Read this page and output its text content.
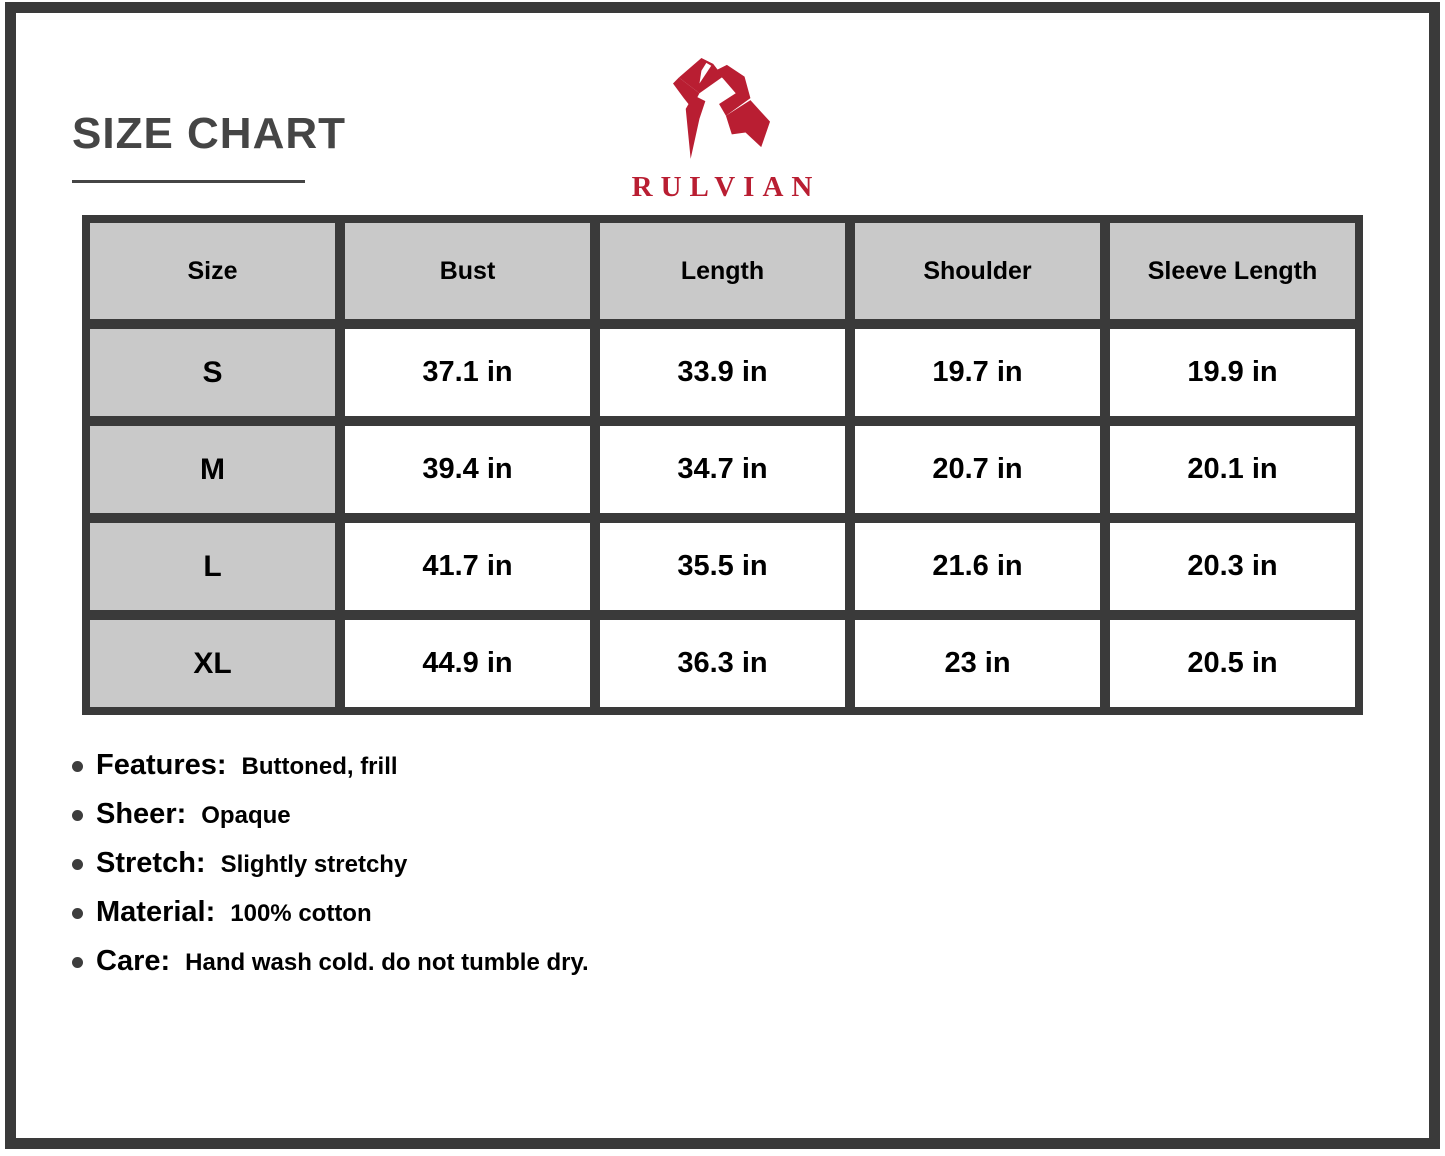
SIZE CHART
RULVIAN
Size	Bust	Length	Shoulder	Sleeve Length
S	37.1 in	33.9 in	19.7 in	19.9 in
M	39.4 in	34.7 in	20.7 in	20.1 in
L	41.7 in	35.5 in	21.6 in	20.3 in
XL	44.9 in	36.3 in	23 in	20.5 in
Features: Buttoned, frill
Sheer: Opaque
Stretch: Slightly stretchy
Material: 100% cotton
Care: Hand wash cold. do not tumble dry.
